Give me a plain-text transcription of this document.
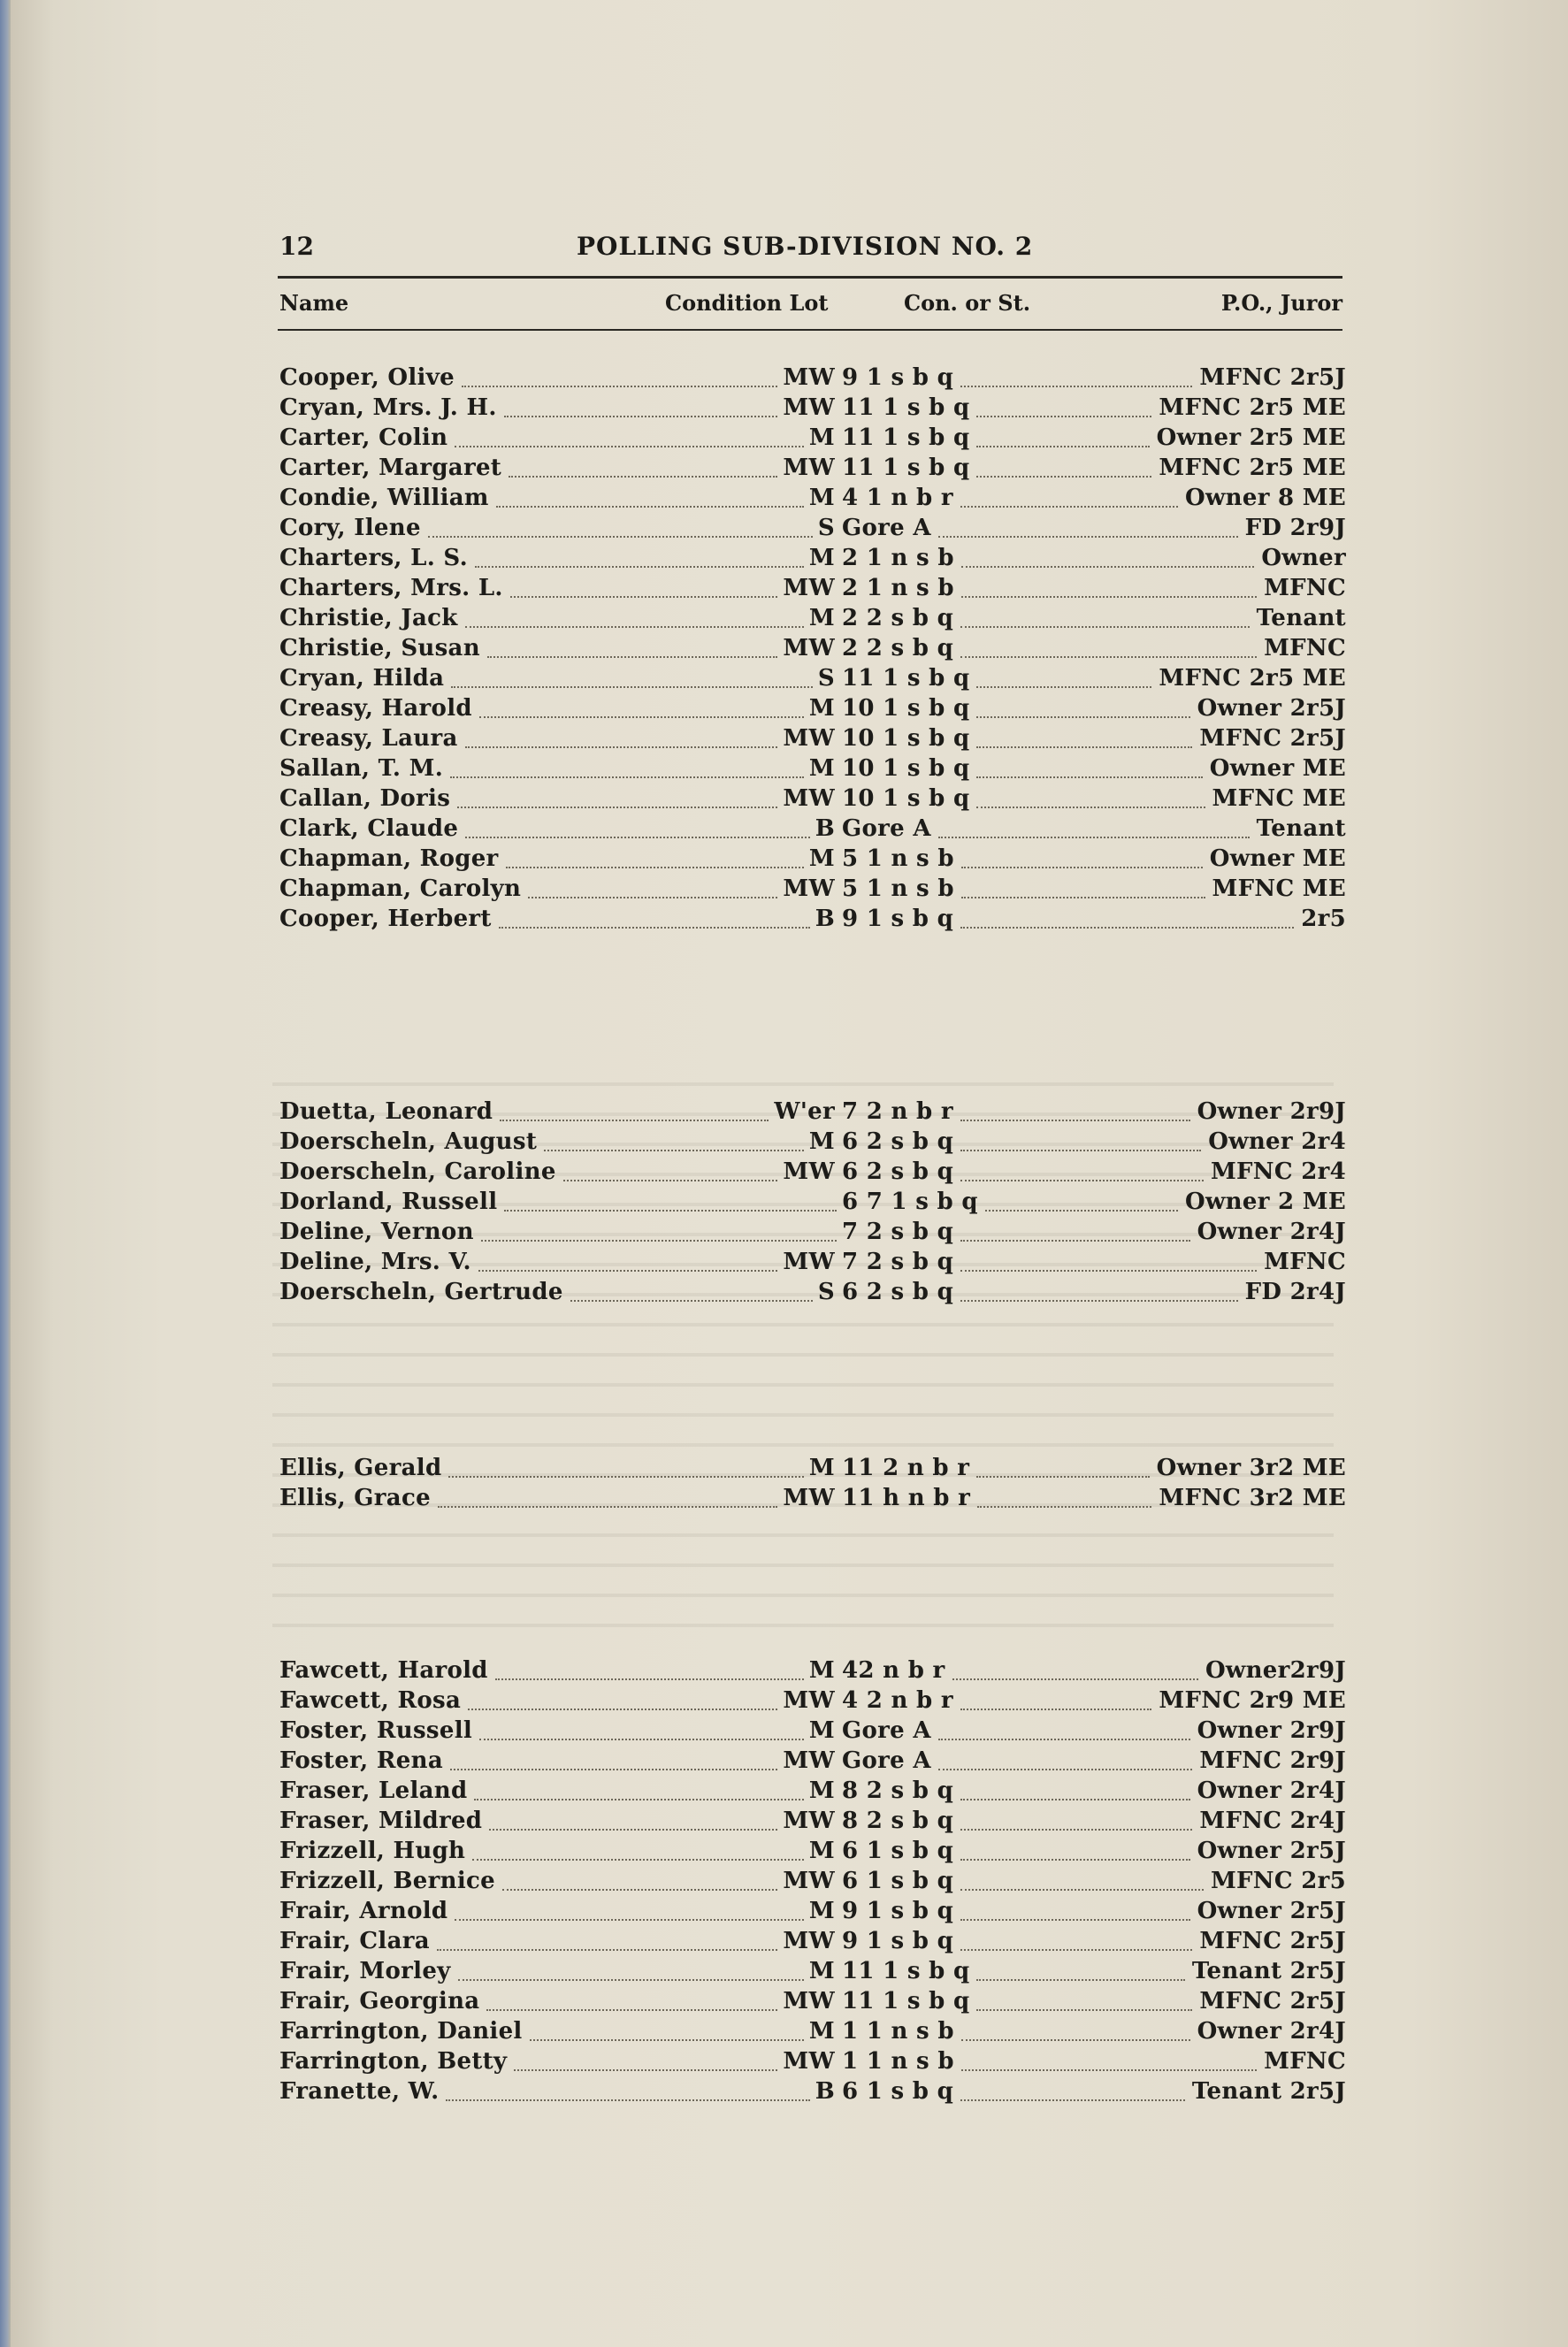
12	POLLING SUB-DIVISION NO. 2
Name	Condition Lot	Con. or St.	P.O., Juror
Cooper, Olive	MW 9 1 s b q	MFNC 2r5J
Cryan, Mrs. J. H.	MW 11 1 s b q	MFNC 2r5 ME
Carter, Colin	M 11 1 s b q	Owner 2r5 ME
Carter, Margaret	MW 11 1 s b q	MFNC 2r5 ME
Condie, William	M 4 1 n b r	Owner 8 ME
Cory, Ilene	S Gore A	FD 2r9J
Charters, L. S.	M 2 1 n s b	Owner
Charters, Mrs. L.	MW 2 1 n s b	MFNC
Christie, Jack	M 2 2 s b q	Tenant
Christie, Susan	MW 2 2 s b q	MFNC
Cryan, Hilda	S 11 1 s b q	MFNC 2r5 ME
Creasy, Harold	M 10 1 s b q	Owner 2r5J
Creasy, Laura	MW 10 1 s b q	MFNC 2r5J
Sallan, T. M.	M 10 1 s b q	Owner ME
Callan, Doris	MW 10 1 s b q	MFNC ME
Clark, Claude	B Gore A	Tenant
Chapman, Roger	M 5 1 n s b	Owner ME
Chapman, Carolyn	MW 5 1 n s b	MFNC ME
Cooper, Herbert	B 9 1 s b q	2r5
Duetta, Leonard	W'er 7 2 n b r	Owner 2r9J
Doerscheln, August	M 6 2 s b q	Owner 2r4
Doerscheln, Caroline	MW 6 2 s b q	MFNC 2r4
Dorland, Russell	6 7 1 s b q	Owner 2 ME
Deline, Vernon	7 2 s b q	Owner 2r4J
Deline, Mrs. V.	MW 7 2 s b q	MFNC
Doerscheln, Gertrude	S 6 2 s b q	FD 2r4J
Ellis, Gerald	M 11 2 n b r	Owner 3r2 ME
Ellis, Grace	MW 11 h n b r	MFNC 3r2 ME
Fawcett, Harold	M 42 n b r	Owner2r9J
Fawcett, Rosa	MW 4 2 n b r	MFNC 2r9 ME
Foster, Russell	M Gore A	Owner 2r9J
Foster, Rena	MW Gore A	MFNC 2r9J
Fraser, Leland	M 8 2 s b q	Owner 2r4J
Fraser, Mildred	MW 8 2 s b q	MFNC 2r4J
Frizzell, Hugh	M 6 1 s b q	Owner 2r5J
Frizzell, Bernice	MW 6 1 s b q	MFNC 2r5
Frair, Arnold	M 9 1 s b q	Owner 2r5J
Frair, Clara	MW 9 1 s b q	MFNC 2r5J
Frair, Morley	M 11 1 s b q	Tenant 2r5J
Frair, Georgina	MW 11 1 s b q	MFNC 2r5J
Farrington, Daniel	M 1 1 n s b	Owner 2r4J
Farrington, Betty	MW 1 1 n s b	MFNC
Franette, W.	B 6 1 s b q	Tenant 2r5J
